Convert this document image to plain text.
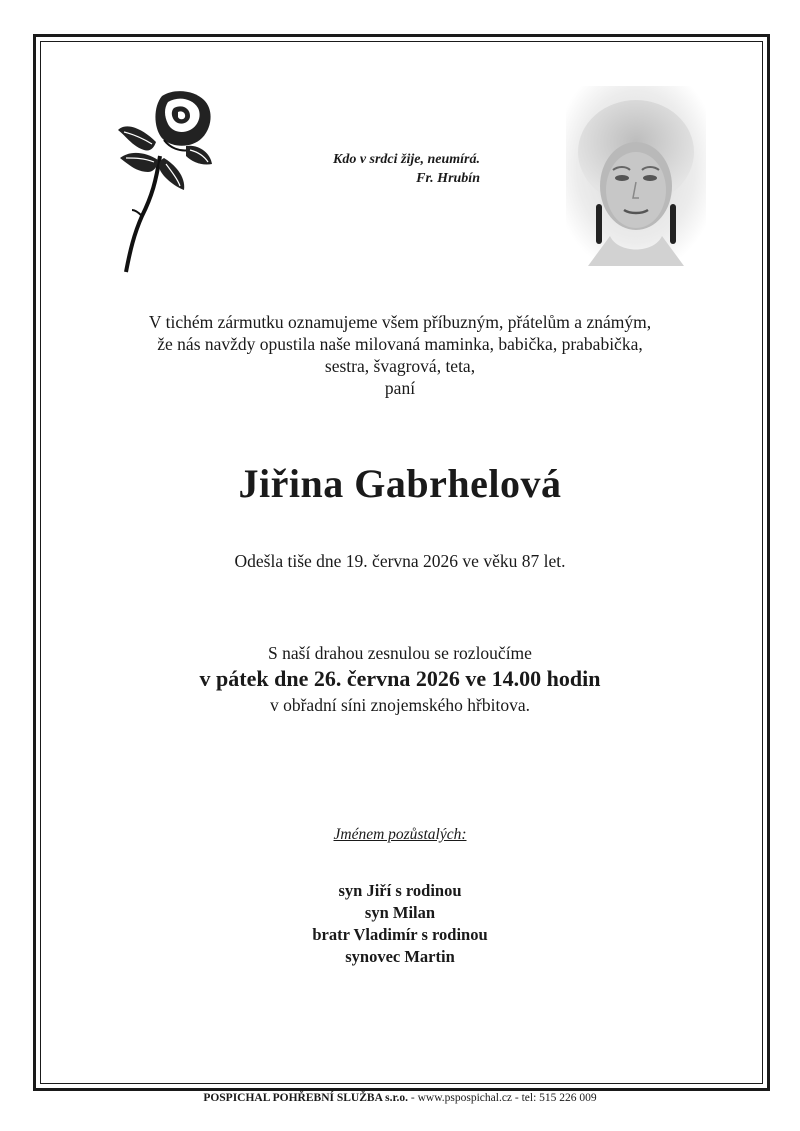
Kdo v srdci žije, neumírá.
Fr. Hrubín
V tichém zármutku oznamujeme všem příbuzným, přátelům a známým,
že nás navždy opustila naše milovaná maminka, babička, prababička,
sestra, švagrová, teta,
paní
Jiřina Gabrhelová
Odešla tiše dne 19. června 2026 ve věku 87 let.
S naší drahou zesnulou se rozloučíme
v pátek dne 26. června 2026 ve 14.00 hodin
v obřadní síni znojemského hřbitova.
Jménem pozůstalých:
syn Jiří s rodinou
syn Milan
bratr Vladimír s rodinou
synovec Martin
POSPICHAL POHŘEBNÍ SLUŽBA s.r.o. - www.pspospichal.cz - tel: 515 226 009
